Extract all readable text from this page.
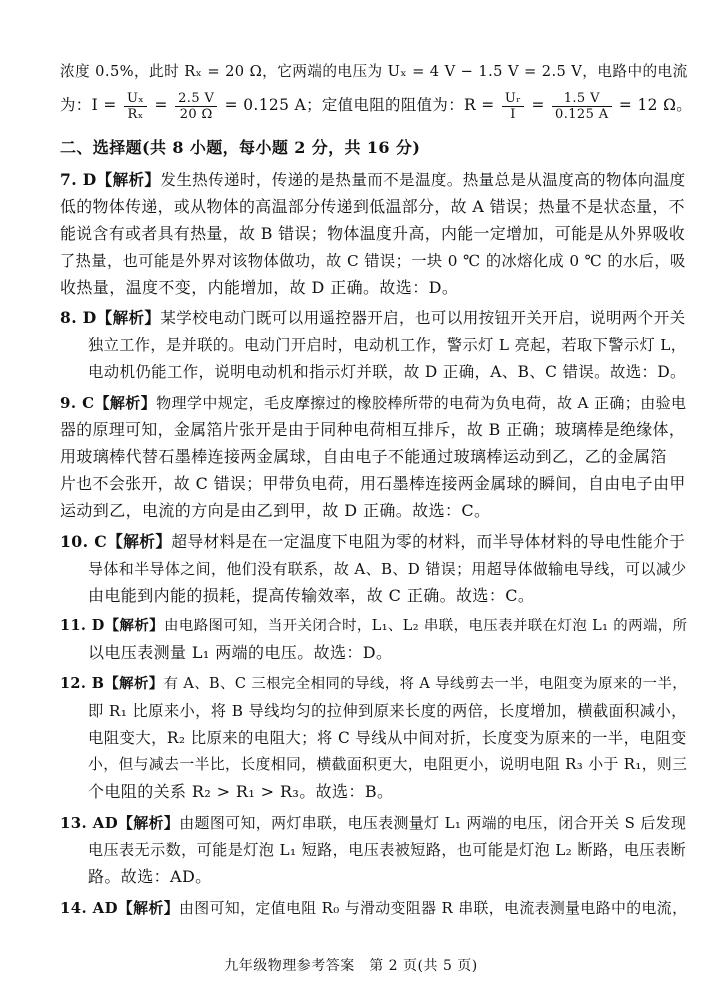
浓度 0.5%，此时 Rₓ = 20 Ω，它两端的电压为 Uₓ = 4 V − 1.5 V = 2.5 V，电路中的电流
为：$I = \frac{\text{Uₓ}}{\text{Rₓ}} = \frac{2.5 V}{20 \Omega} = 0.125$ A；定值电阻的阻值为：$R = \frac{\text{Uᵣ}}{I} = \frac{1.5 V}{0.125 A} = 12$ Ω。
二、选择题(共 8 小题，每小题 2 分，共 16 分)
7. D【解析】发生热传递时，传递的是热量而不是温度。热量总是从温度高的物体向温度
低的物体传递，或从物体的高温部分传递到低温部分，故 A 错误；热量不是状态量，不
能说含有或者具有热量，故 B 错误；物体温度升高，内能一定增加，可能是从外界吸收
了热量，也可能是外界对该物体做功，故 C 错误；一块 0 ℃ 的冰熔化成 0 ℃ 的水后，吸
收热量，温度不变，内能增加，故 D 正确。故选：D。
8. D【解析】某学校电动门既可以用遥控器开启，也可以用按钮开关开启，说明两个开关
独立工作，是并联的。电动门开启时，电动机工作，警示灯 L 亮起，若取下警示灯 L，
电动机仍能工作，说明电动机和指示灯并联，故 D 正确，A、B、C 错误。故选：D。
9. C【解析】物理学中规定，毛皮摩擦过的橡胶棒所带的电荷为负电荷，故 A 正确；由验电
器的原理可知，金属箔片张开是由于同种电荷相互排斥，故 B 正确；玻璃棒是绝缘体，
用玻璃棒代替石墨棒连接两金属球，自由电子不能通过玻璃棒运动到乙，乙的金属箔
片也不会张开，故 C 错误；甲带负电荷，用石墨棒连接两金属球的瞬间，自由电子由甲
运动到乙，电流的方向是由乙到甲，故 D 正确。故选：C。
10. C【解析】超导材料是在一定温度下电阻为零的材料，而半导体材料的导电性能介于
导体和半导体之间，他们没有联系，故 A、B、D 错误；用超导体做输电导线，可以减少
由电能到内能的损耗，提高传输效率，故 C 正确。故选：C。
11. D【解析】由电路图可知，当开关闭合时，L₁、L₂ 串联，电压表并联在灯泡 L₁ 的两端，所
以电压表测量 L₁ 两端的电压。故选：D。
12. B【解析】有 A、B、C 三根完全相同的导线，将 A 导线剪去一半，电阻变为原来的一半，
即 R₁ 比原来小，将 B 导线均匀的拉伸到原来长度的两倍，长度增加，横截面积减小，
电阻变大，R₂ 比原来的电阻大；将 C 导线从中间对折，长度变为原来的一半，电阻变
小，但与减去一半比，长度相同，横截面积更大，电阻更小，说明电阻 R₃ 小于 R₁，则三
个电阻的关系 R₂ > R₁ > R₃。故选：B。
13. AD【解析】由题图可知，两灯串联，电压表测量灯 L₁ 两端的电压，闭合开关 S 后发现
电压表无示数，可能是灯泡 L₁ 短路，电压表被短路，也可能是灯泡 L₂ 断路，电压表断
路。故选：AD。
14. AD【解析】由图可知，定值电阻 R₀ 与滑动变阻器 R 串联，电流表测量电路中的电流，
九年级物理参考答案　第 2 页(共 5 页)
